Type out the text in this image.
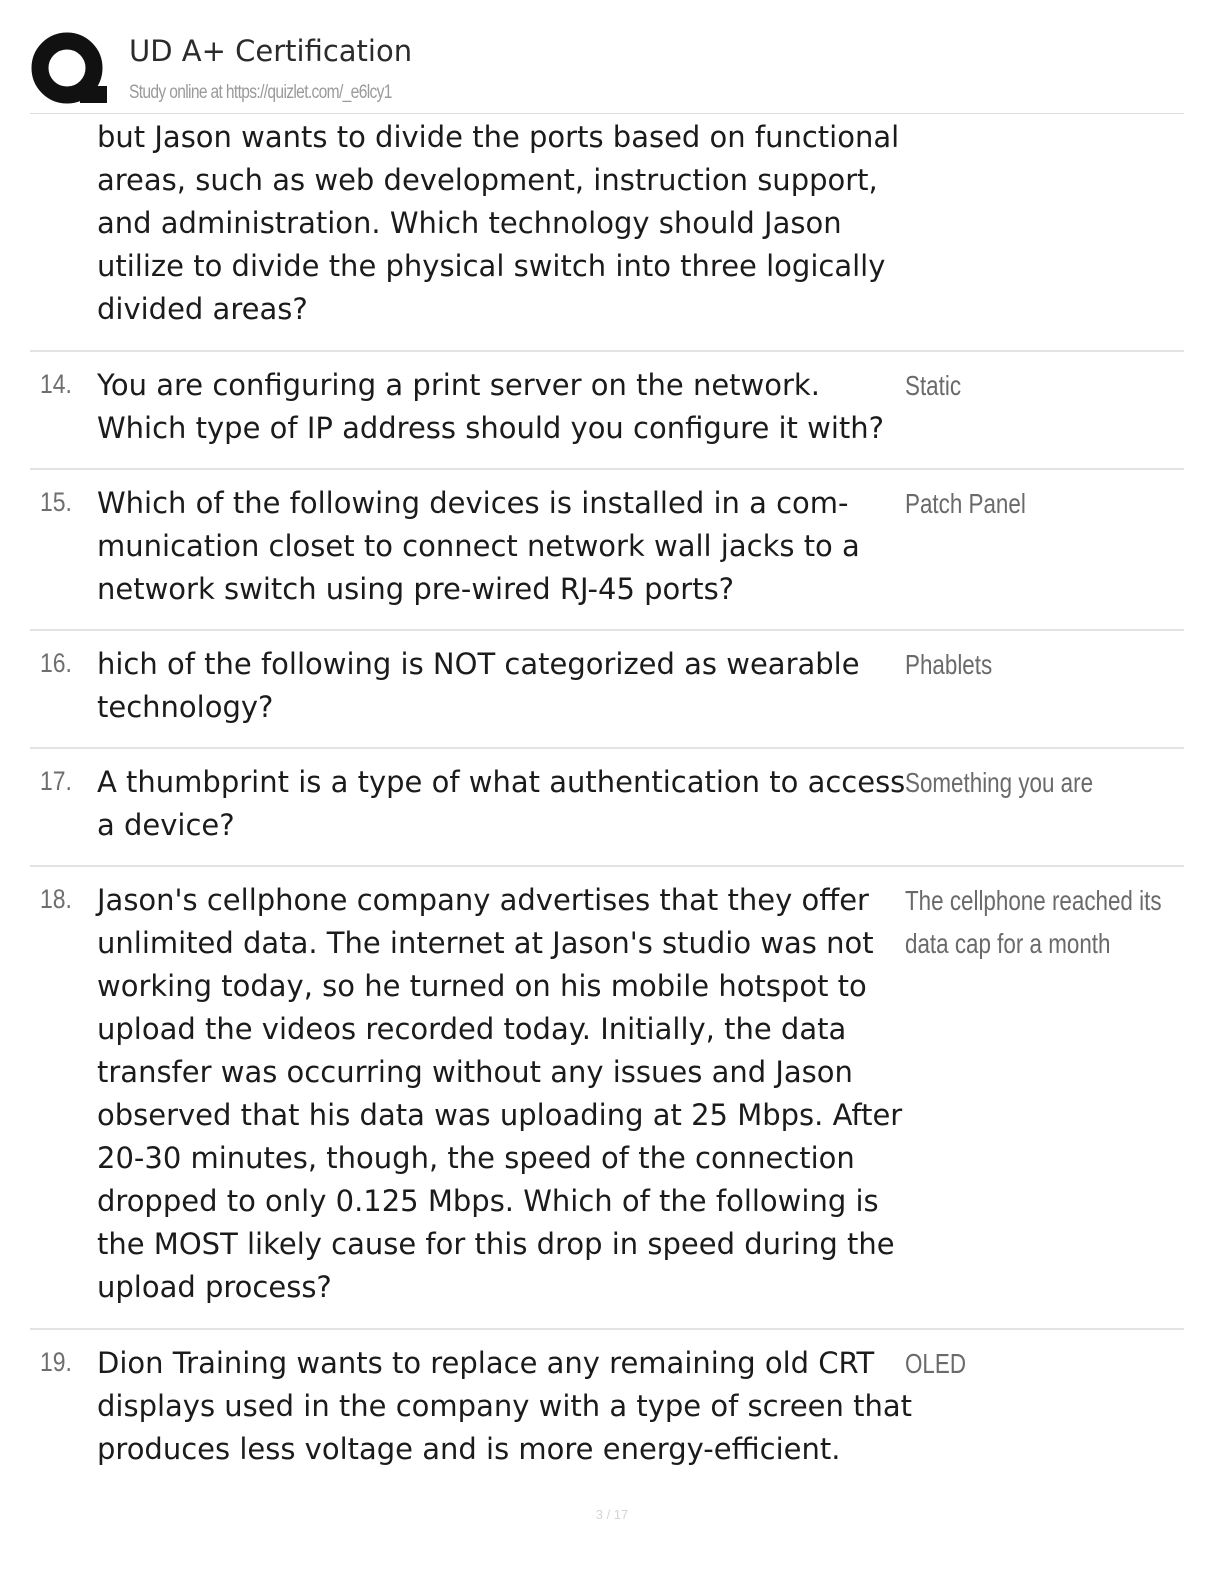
UD A+ Certification
Study online at https://quizlet.com/_e6lcy1
but Jason wants to divide the ports based on functional
areas, such as web development, instruction support,
and administration. Which technology should Jason
utilize to divide the physical switch into three logically
divided areas?
14. You are configuring a print server on the network.
Which type of IP address should you configure it with?
Static
15. Which of the following devices is installed in a com-
munication closet to connect network wall jacks to a
network switch using pre-wired RJ-45 ports?
Patch Panel
16. hich of the following is NOT categorized as wearable
technology?
Phablets
17. A thumbprint is a type of what authentication to access
a device?
Something you are
18. Jason's cellphone company advertises that they offer
unlimited data. The internet at Jason's studio was not
working today, so he turned on his mobile hotspot to
upload the videos recorded today. Initially, the data
transfer was occurring without any issues and Jason
observed that his data was uploading at 25 Mbps. After
20-30 minutes, though, the speed of the connection
dropped to only 0.125 Mbps. Which of the following is
the MOST likely cause for this drop in speed during the
upload process?
The cellphone reached its
data cap for a month
19. Dion Training wants to replace any remaining old CRT
displays used in the company with a type of screen that
produces less voltage and is more energy-efficient.
OLED
3 / 17
